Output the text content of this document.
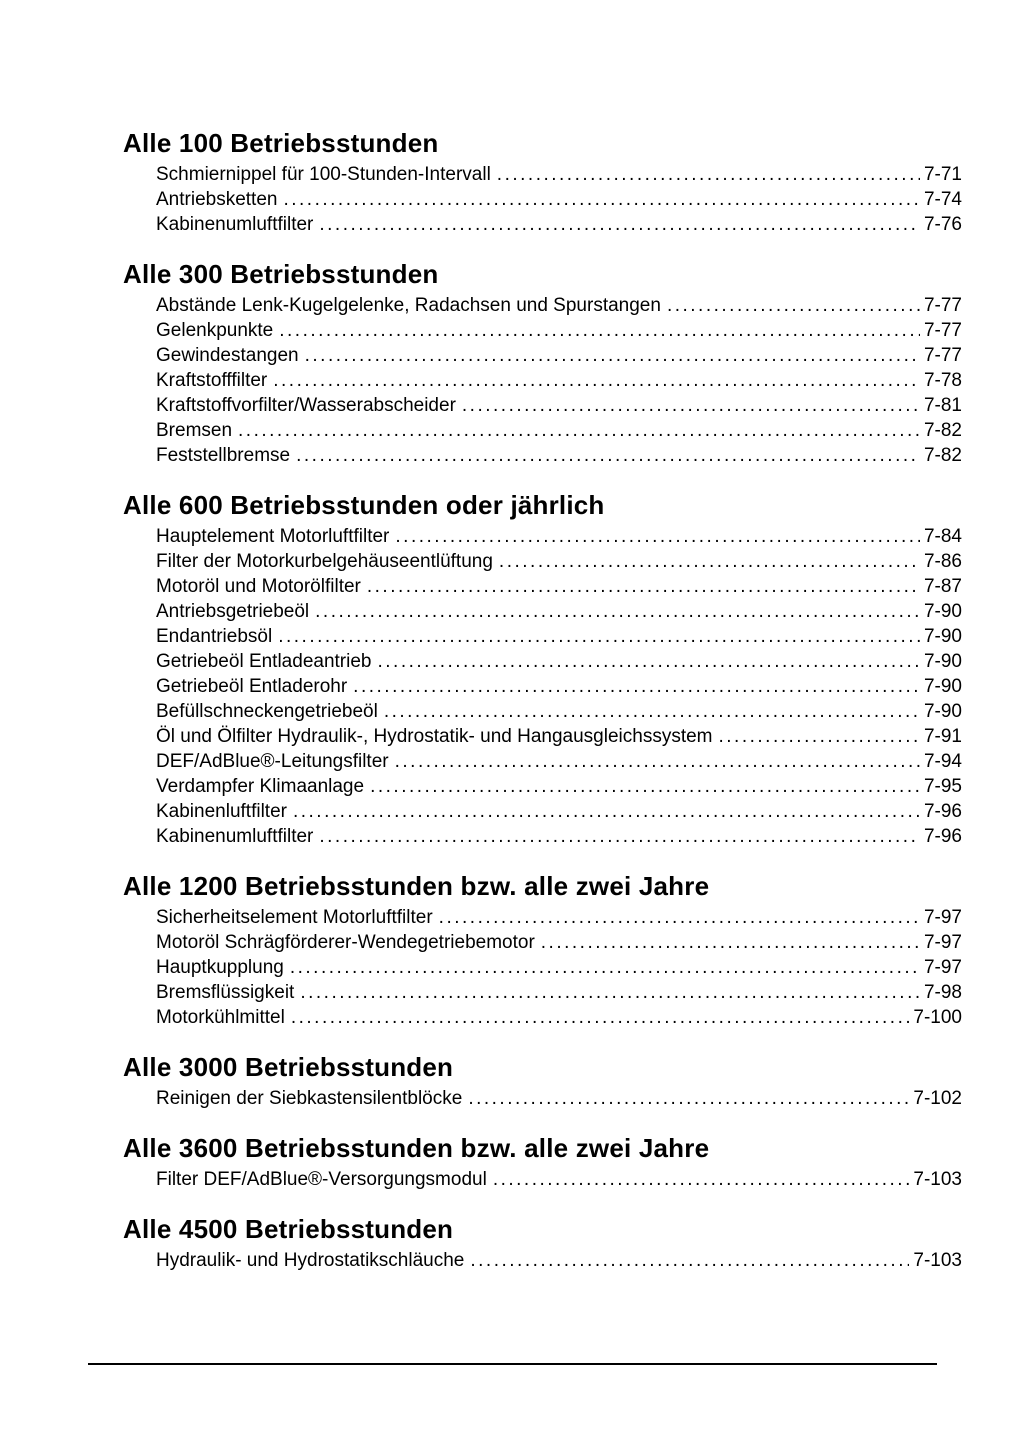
Alle 100 Betriebsstunden
Schmiernippel für 100-Stunden-Intervall .....	7-71
Antriebsketten .....	7-74
Kabinenumluftfilter .....	7-76
Alle 300 Betriebsstunden
Abstände Lenk-Kugelgelenke, Radachsen und Spurstangen .....	7-77
Gelenkpunkte .....	7-77
Gewindestangen .....	7-77
Kraftstofffilter .....	7-78
Kraftstoffvorfilter/Wasserabscheider .....	7-81
Bremsen .....	7-82
Feststellbremse .....	7-82
Alle 600 Betriebsstunden oder jährlich
Hauptelement Motorluftfilter .....	7-84
Filter der Motorkurbelgehäuseentlüftung .....	7-86
Motoröl und Motorölfilter .....	7-87
Antriebsgetriebeöl .....	7-90
Endantriebsöl .....	7-90
Getriebeöl Entladeantrieb .....	7-90
Getriebeöl Entladerohr .....	7-90
Befüllschneckengetriebeöl .....	7-90
Öl und Ölfilter Hydraulik-, Hydrostatik- und Hangausgleichssystem .....	7-91
DEF/AdBlue®-Leitungsfilter .....	7-94
Verdampfer Klimaanlage .....	7-95
Kabinenluftfilter .....	7-96
Kabinenumluftfilter .....	7-96
Alle 1200 Betriebsstunden bzw. alle zwei Jahre
Sicherheitselement Motorluftfilter .....	7-97
Motoröl Schrägförderer-Wendegetriebemotor .....	7-97
Hauptkupplung .....	7-97
Bremsflüssigkeit .....	7-98
Motorkühlmittel .....	7-100
Alle 3000 Betriebsstunden
Reinigen der Siebkastensilentblöcke .....	7-102
Alle 3600 Betriebsstunden bzw. alle zwei Jahre
Filter DEF/AdBlue®-Versorgungsmodul .....	7-103
Alle 4500 Betriebsstunden
Hydraulik- und Hydrostatikschläuche .....	7-103
